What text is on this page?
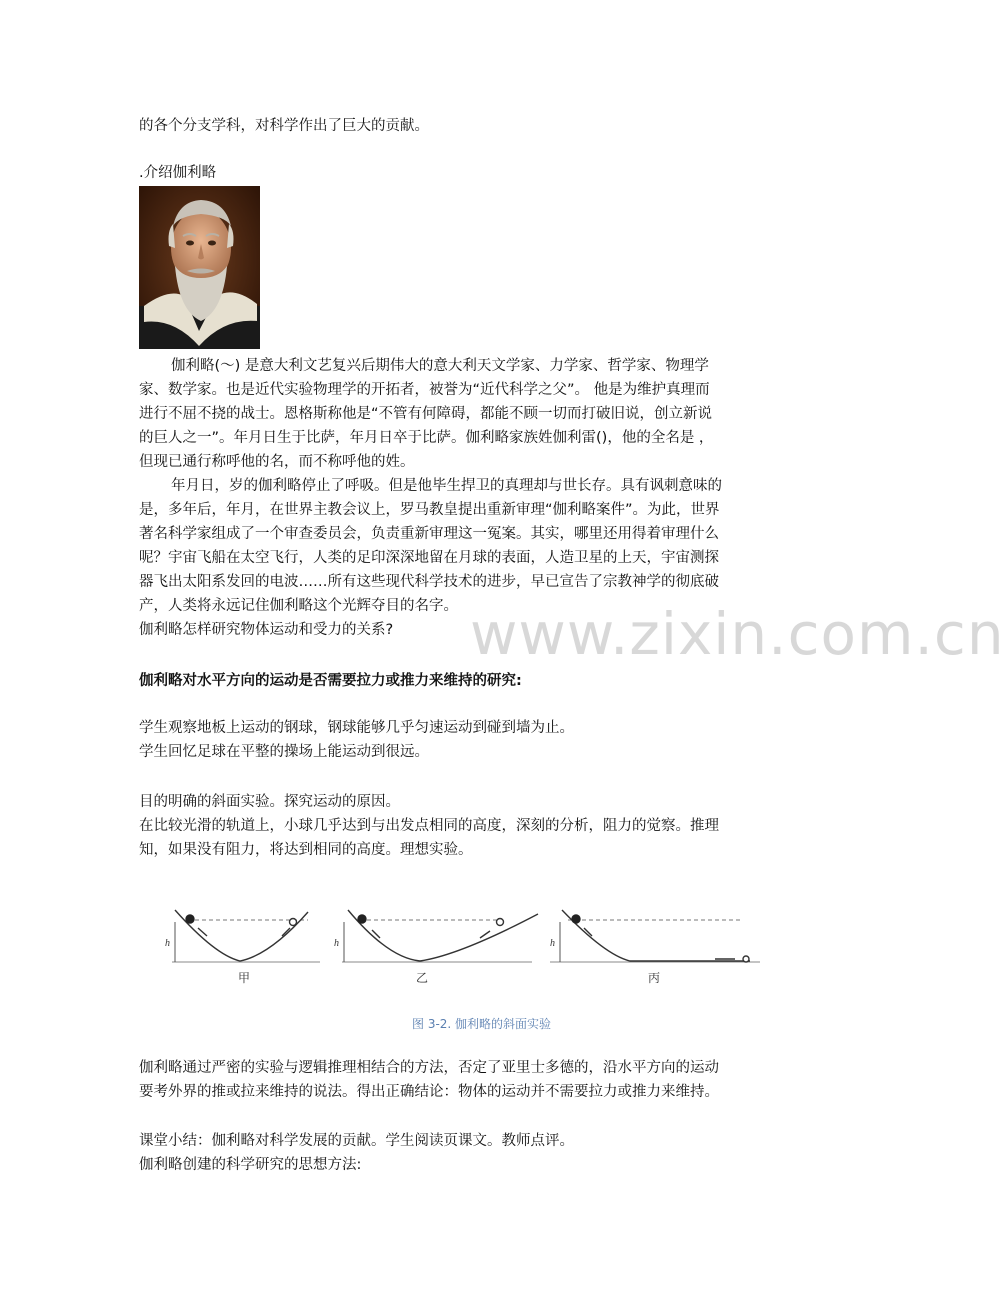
www.zixin.com.cn
的各个分支学科，对科学作出了巨大的贡献。
.介绍伽利略
伽利略(～) 是意大利文艺复兴后期伟大的意大利天文学家、力学家、哲学家、物理学
家、数学家。也是近代实验物理学的开拓者，被誉为“近代科学之父”。 他是为维护真理而
进行不屈不挠的战士。恩格斯称他是“不管有何障碍，都能不顾一切而打破旧说，创立新说
的巨人之一”。年月日生于比萨，年月日卒于比萨。伽利略家族姓伽利雷()，他的全名是 ，
但现已通行称呼他的名，而不称呼他的姓。
年月日，岁的伽利略停止了呼吸。但是他毕生捍卫的真理却与世长存。具有讽刺意味的
是，多年后，年月，在世界主教会议上，罗马教皇提出重新审理“伽利略案件”。为此，世界
著名科学家组成了一个审查委员会，负责重新审理这一冤案。其实，哪里还用得着审理什么
呢？宇宙飞船在太空飞行，人类的足印深深地留在月球的表面，人造卫星的上天，宇宙测探
器飞出太阳系发回的电波……所有这些现代科学技术的进步，早已宣告了宗教神学的彻底破
产，人类将永远记住伽利略这个光辉夺目的名字。
伽利略怎样研究物体运动和受力的关系?
伽利略对水平方向的运动是否需要拉力或推力来维持的研究:
学生观察地板上运动的钢球，钢球能够几乎匀速运动到碰到墙为止。
学生回忆足球在平整的操场上能运动到很远。
目的明确的斜面实验。探究运动的原因。
在比较光滑的轨道上，小球几乎达到与出发点相同的高度，深刻的分析，阻力的觉察。推理
知，如果没有阻力，将达到相同的高度。理想实验。
h
甲
h
乙
h
丙
图 3-2. 伽利略的斜面实验
伽利略通过严密的实验与逻辑推理相结合的方法，否定了亚里士多德的，沿水平方向的运动
要考外界的推或拉来维持的说法。得出正确结论：物体的运动并不需要拉力或推力来维持。
课堂小结：伽利略对科学发展的贡献。学生阅读页课文。教师点评。
伽利略创建的科学研究的思想方法:
